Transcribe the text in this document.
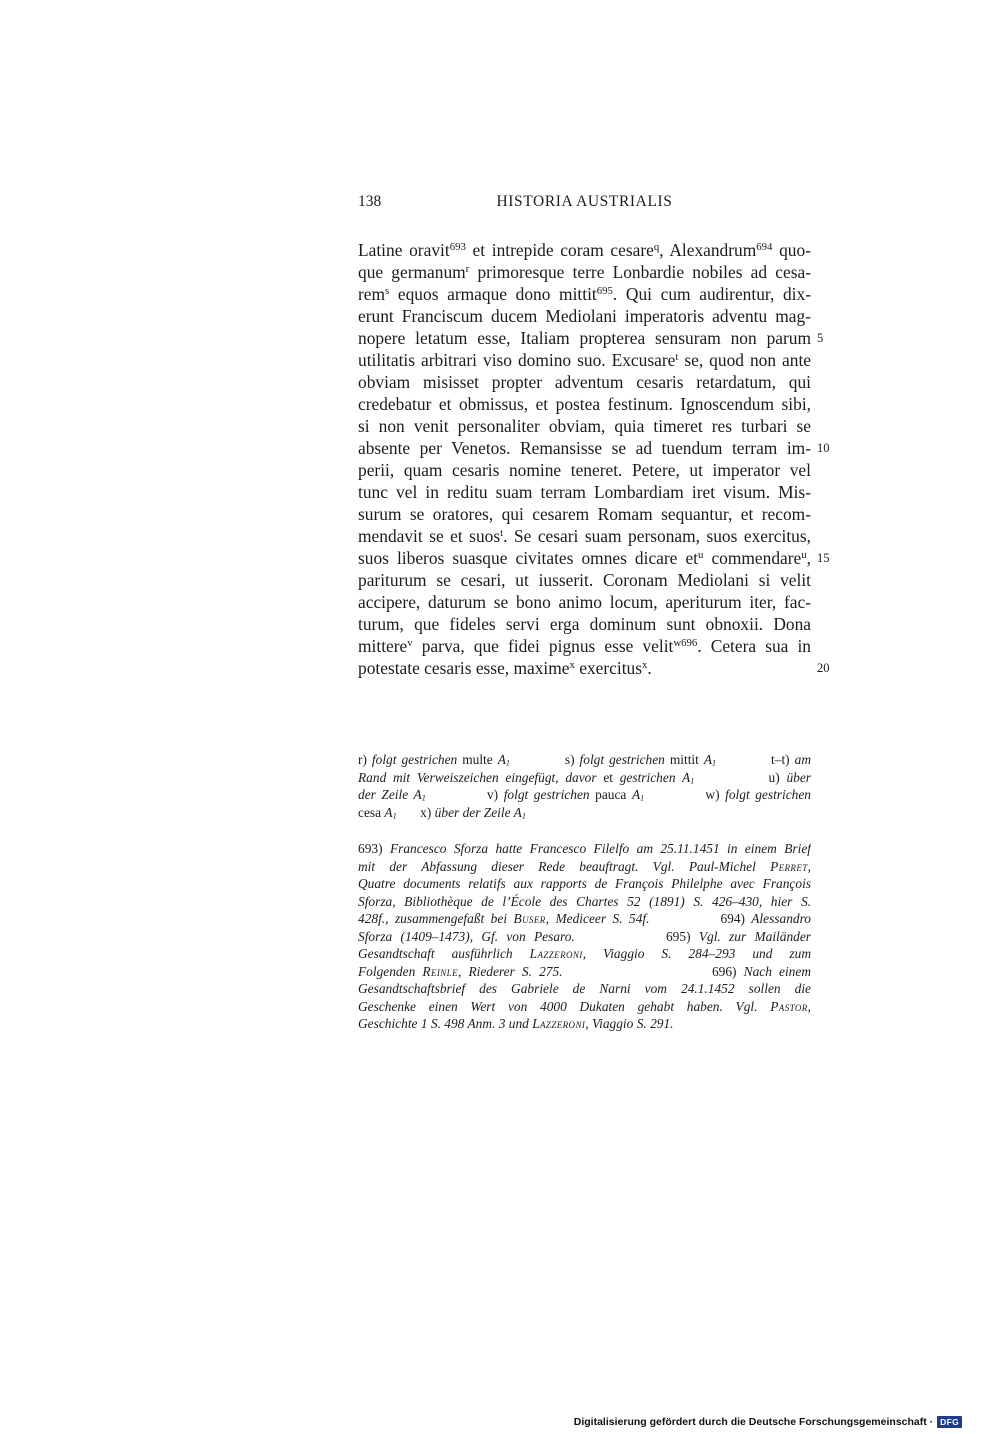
138	HISTORIA AUSTRIALIS
Latine oravit$^{693}$ et intrepide coram cesare$^q$, Alexandrum$^{694}$ quo-
que germanum$^r$ primoresque terre Lonbardie nobiles ad cesa-
rem$^s$ equos armaque dono mittit$^{695}$. Qui cum audirentur, dix-
erunt Franciscum ducem Mediolani imperatoris adventu mag-
nopere letatum esse, Italiam propterea sensuram non parum
utilitatis arbitrari viso domino suo. Excusare$^t$ se, quod non ante
obviam misisset propter adventum cesaris retardatum, qui
credebatur et obmissus, et postea festinum. Ignoscendum sibi,
si non venit personaliter obviam, quia timeret res turbari se
absente per Venetos. Remansisse se ad tuendum terram im-
perii, quam cesaris nomine teneret. Petere, ut imperator vel
tunc vel in reditu suam terram Lombardiam iret visum. Mis-
surum se oratores, qui cesarem Romam sequantur, et recom-
mendavit se et suos$^t$. Se cesari suam personam, suos exercitus,
suos liberos suasque civitates omnes dicare $et^u$ commendare$^u$,
pariturum se cesari, ut iusserit. Coronam Mediolani si velit
accipere, daturum se bono animo locum, aperiturum iter, fac-
turum, que fideles servi erga dominum sunt obnoxii. Dona
mittere$^v$ parva, que fidei pignus esse velit$^{w696}$. Cetera sua in
potestate cesaris esse, maxime$^x$ exercitus$^x$.
5
10
15
20
r) folgt gestrichen multe $A_1$           s) folgt gestrichen mittit $A_1$           t–t) am
Rand mit Verweiszeichen eingefügt, davor et gestrichen $A_1$           u) über
der Zeile $A_1$           v) folgt gestrichen pauca $A_1$           w) folgt gestrichen
cesa $A_1$       x) über der Zeile $A_1$
693) Francesco Sforza hatte Francesco Filelfo am 25.11.1451 in einem Brief
mit der Abfassung dieser Rede beauftragt. Vgl. Paul-Michel Perret,
Quatre documents relatifs aux rapports de François Philelphe avec François
Sforza, Bibliothèque de l’École des Chartes 52 (1891) S. 426–430, hier S.
428f., zusammengefaßt bei Buser, Mediceer S. 54f.           694) Alessandro
Sforza (1409–1473), Gf. von Pesaro.           695) Vgl. zur Mailänder
Gesandtschaft ausführlich Lazzeroni, Viaggio S. 284–293 und zum
Folgenden Reinle, Riederer S. 275.                     696) Nach einem
Gesandtschaftsbrief des Gabriele de Narni vom 24.1.1452 sollen die
Geschenke einen Wert von 4000 Dukaten gehabt haben. Vgl. Pastor,
Geschichte 1 S. 498 Anm. 3 und Lazzeroni, Viaggio S. 291.
Digitalisierung gefördert durch die Deutsche Forschungsgemeinschaft · DFG
